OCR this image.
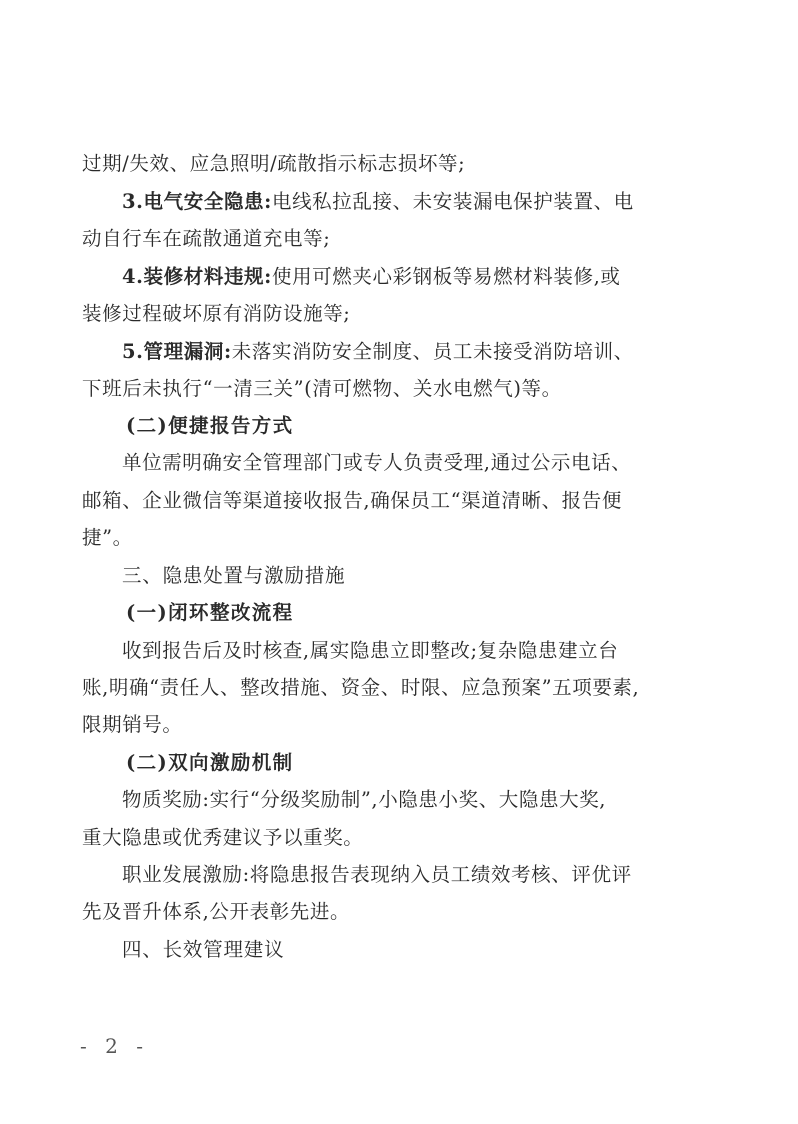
过期/失效、应急照明/疏散指示标志损坏等;
3.电气安全隐患:电线私拉乱接、未安装漏电保护装置、电
动自行车在疏散通道充电等;
4.装修材料违规:使用可燃夹心彩钢板等易燃材料装修,或
装修过程破坏原有消防设施等;
5.管理漏洞:未落实消防安全制度、员工未接受消防培训、
下班后未执行“一清三关”(清可燃物、关水电燃气)等。
(二)便捷报告方式
单位需明确安全管理部门或专人负责受理,通过公示电话、
邮箱、企业微信等渠道接收报告,确保员工“渠道清晰、报告便
捷”。
三、隐患处置与激励措施
(一)闭环整改流程
收到报告后及时核查,属实隐患立即整改;复杂隐患建立台
账,明确“责任人、整改措施、资金、时限、应急预案”五项要素,
限期销号。
(二)双向激励机制
物质奖励:实行“分级奖励制”,小隐患小奖、大隐患大奖,
重大隐患或优秀建议予以重奖。
职业发展激励:将隐患报告表现纳入员工绩效考核、评优评
先及晋升体系,公开表彰先进。
四、长效管理建议
- 2 -
